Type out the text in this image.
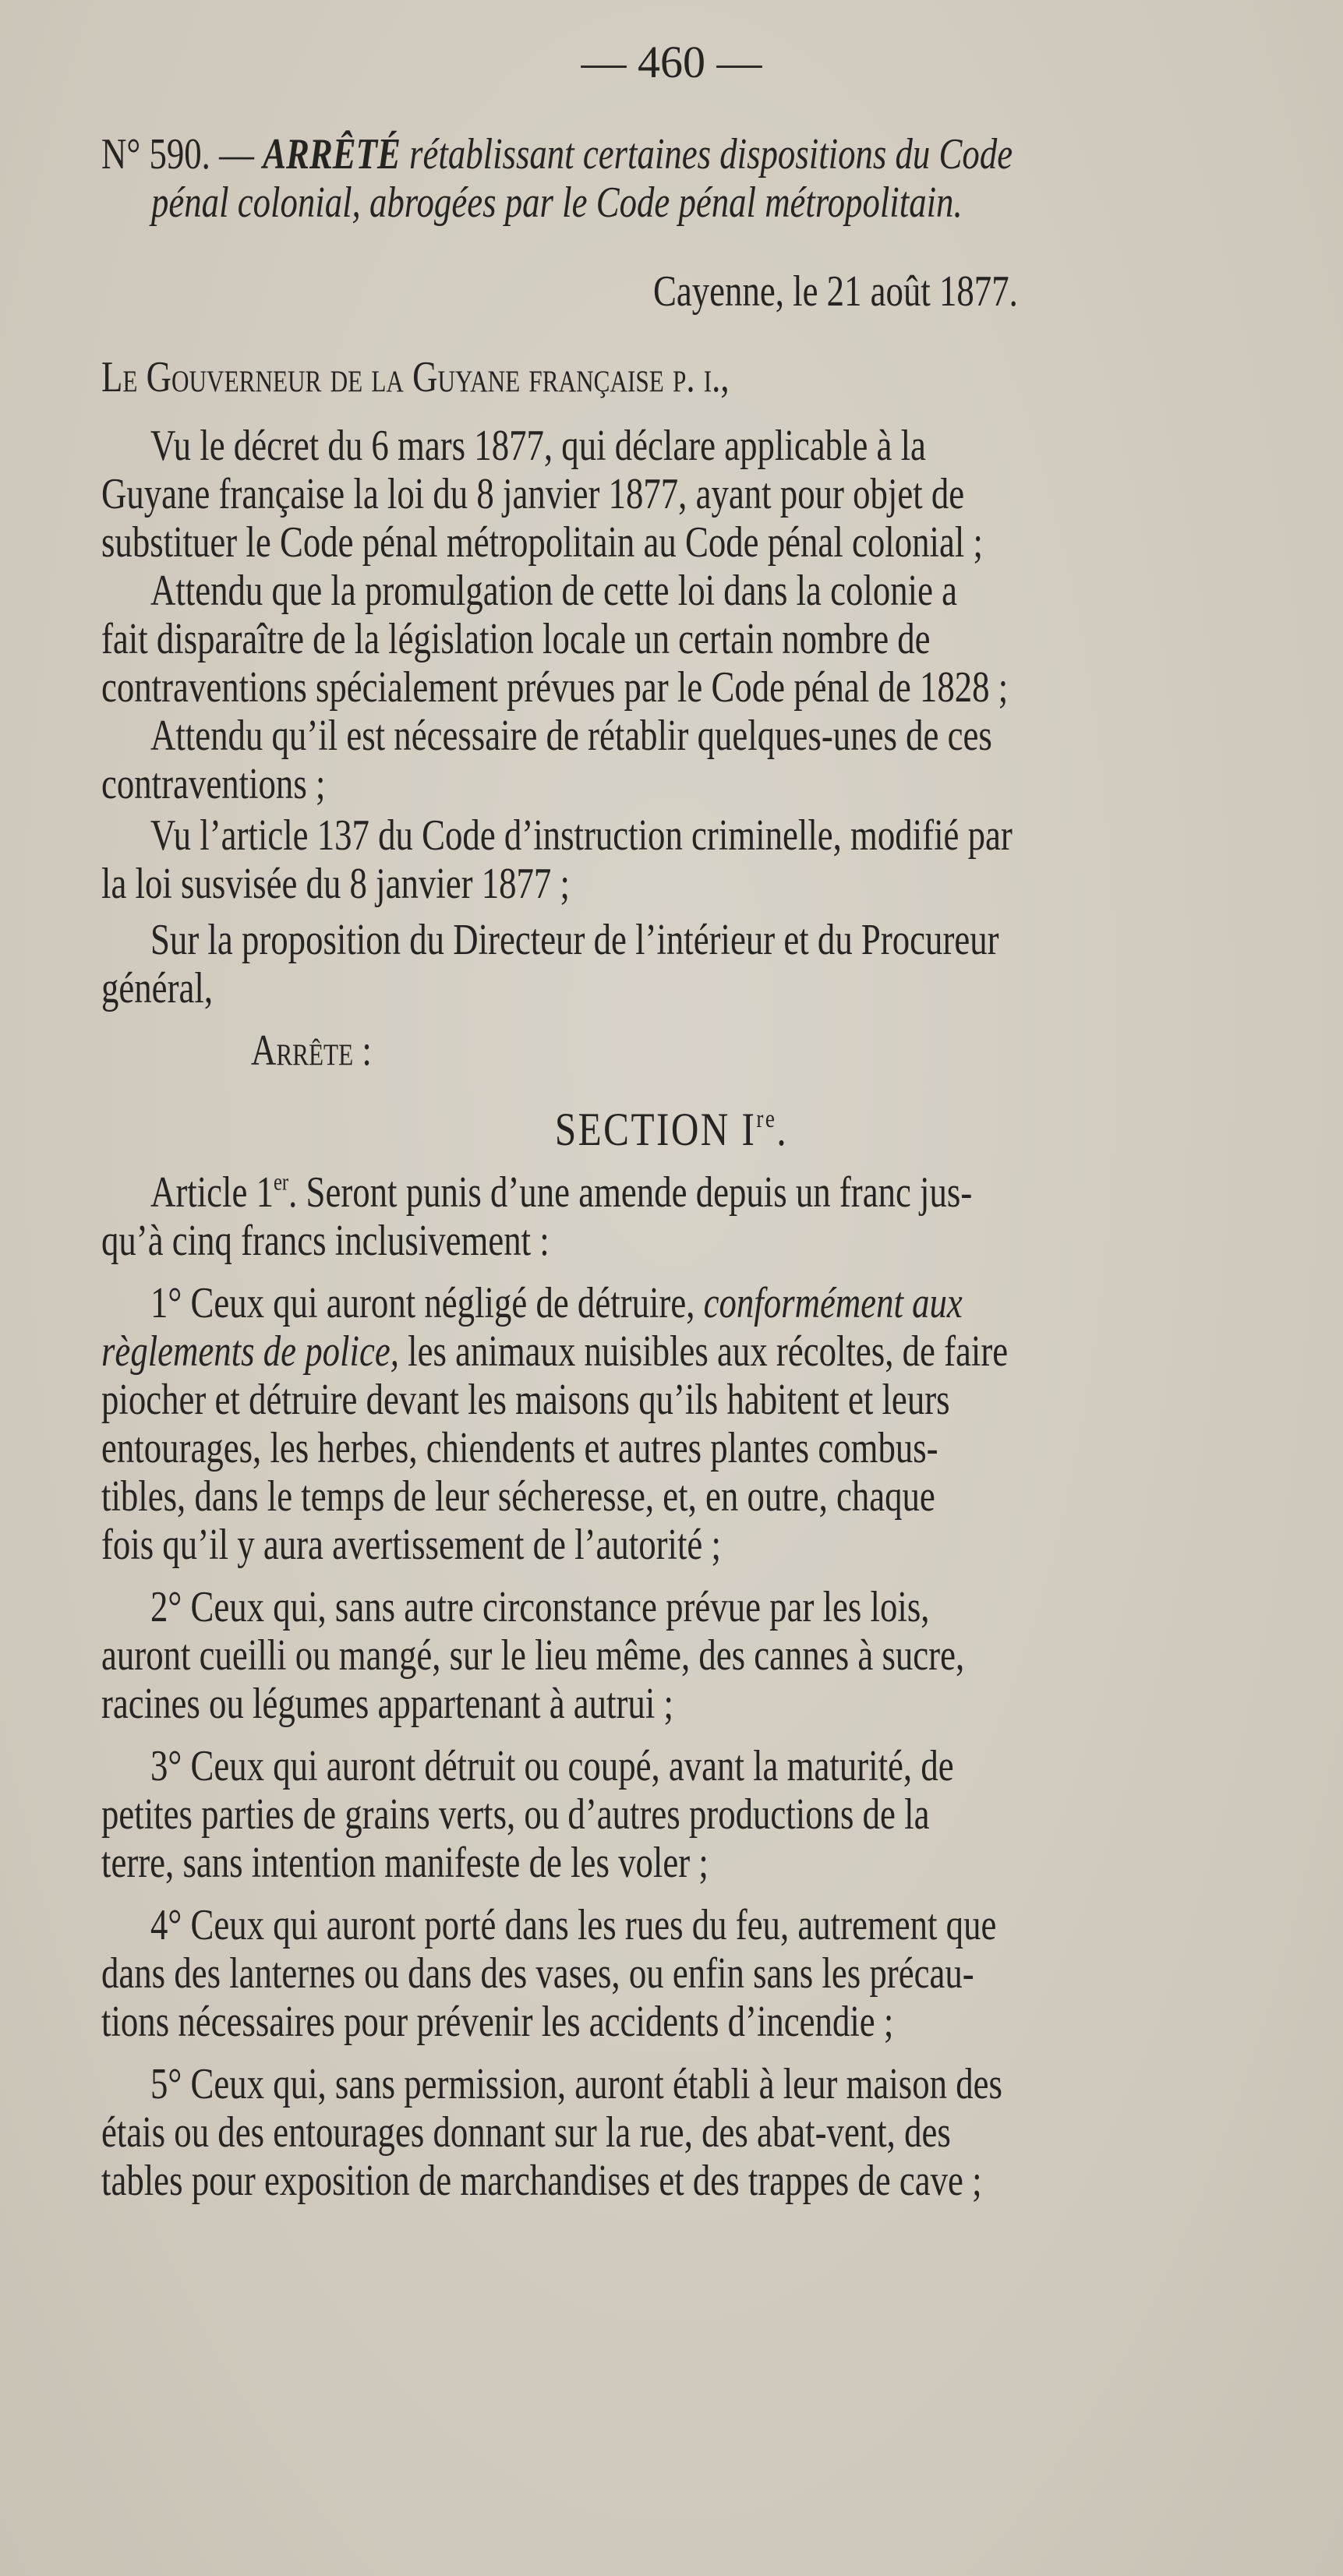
— 460 —
N° 590. — ARRÊTÉ rétablissant certaines dispositions du Code
pénal colonial, abrogées par le Code pénal métropolitain.
Cayenne, le 21 août 1877.
Le Gouverneur de la Guyane française p. i.,
Vu le décret du 6 mars 1877, qui déclare applicable à la
Guyane française la loi du 8 janvier 1877, ayant pour objet de
substituer le Code pénal métropolitain au Code pénal colonial ;
Attendu que la promulgation de cette loi dans la colonie a
fait disparaître de la législation locale un certain nombre de
contraventions spécialement prévues par le Code pénal de 1828 ;
Attendu qu’il est nécessaire de rétablir quelques-unes de ces
contraventions ;
Vu l’article 137 du Code d’instruction criminelle, modifié par
la loi susvisée du 8 janvier 1877 ;
Sur la proposition du Directeur de l’intérieur et du Procureur
général,
Arrête :
SECTION Ire.
Article 1er. Seront punis d’une amende depuis un franc jus-
qu’à cinq francs inclusivement :
1° Ceux qui auront négligé de détruire, conformément aux
règlements de police, les animaux nuisibles aux récoltes, de faire
piocher et détruire devant les maisons qu’ils habitent et leurs
entourages, les herbes, chiendents et autres plantes combus-
tibles, dans le temps de leur sécheresse, et, en outre, chaque
fois qu’il y aura avertissement de l’autorité ;
2° Ceux qui, sans autre circonstance prévue par les lois,
auront cueilli ou mangé, sur le lieu même, des cannes à sucre,
racines ou légumes appartenant à autrui ;
3° Ceux qui auront détruit ou coupé, avant la maturité, de
petites parties de grains verts, ou d’autres productions de la
terre, sans intention manifeste de les voler ;
4° Ceux qui auront porté dans les rues du feu, autrement que
dans des lanternes ou dans des vases, ou enfin sans les précau-
tions nécessaires pour prévenir les accidents d’incendie ;
5° Ceux qui, sans permission, auront établi à leur maison des
étais ou des entourages donnant sur la rue, des abat-vent, des
tables pour exposition de marchandises et des trappes de cave ;
